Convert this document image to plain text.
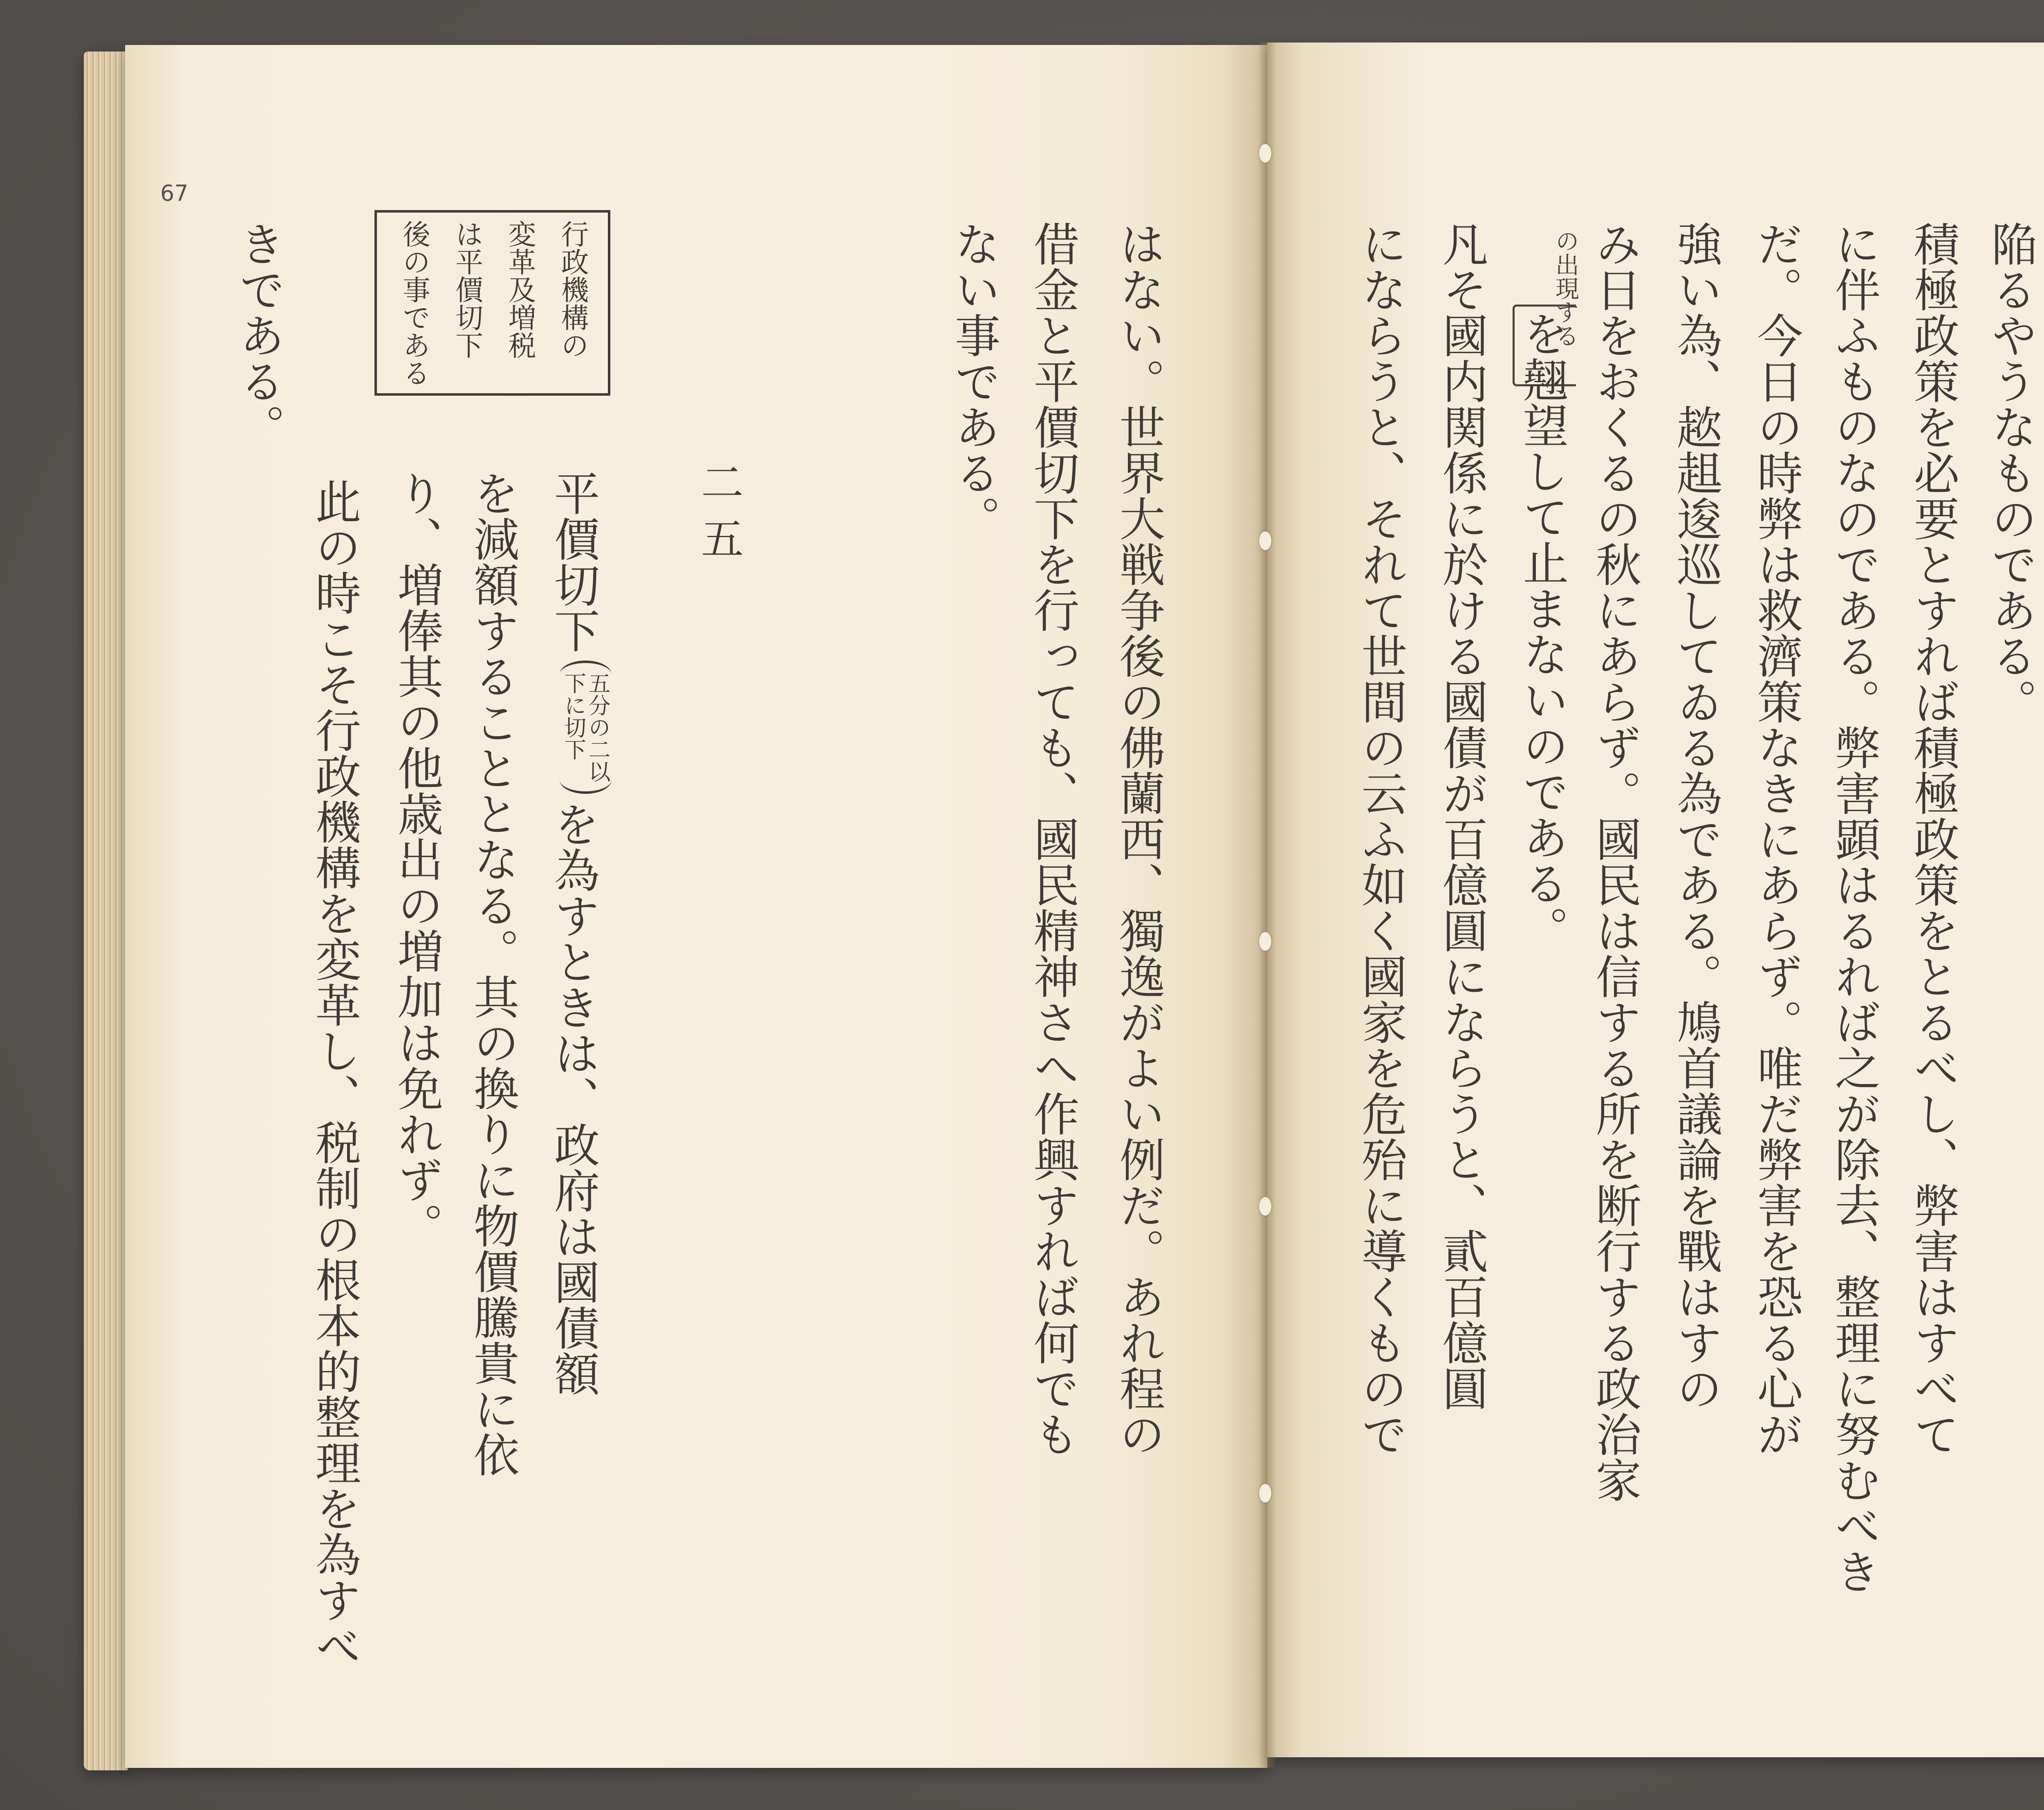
67
陥るやうなものである。
積極政策を必要とすれば積極政策をとるべし、弊害はすべて
に伴ふものなのである。弊害顕はるれば之が除去、整理に努むべき
だ。今日の時弊は救濟策なきにあらず。唯だ弊害を恐る心が
強い為、趑趄逡巡してゐる為である。鳩首議論を戰はすの
み日をおくるの秋にあらず。國民は信する所を断行する政治家
の出現する
を翹望して止まないのである。
凡そ國内関係に於ける國債が百億圓にならうと、貳百億圓
にならうと、それて世間の云ふ如く國家を危殆に導くもので
はない。世界大戦争後の佛蘭西、獨逸がよい例だ。あれ程の
借金と平價切下を行っても、國民精神さへ作興すれば何でも
ない事である。
二五
平價切下
五分の二以
下に切下
を為すときは、政府は國債額
を減額することとなる。其の換りに物價騰貴に依
り、増俸其の他歳出の増加は免れず。
此の時こそ行政機構を変革し、税制の根本的整理を為すべ
きである。	行政機構の
変革及増税
は平價切下
後の事である
